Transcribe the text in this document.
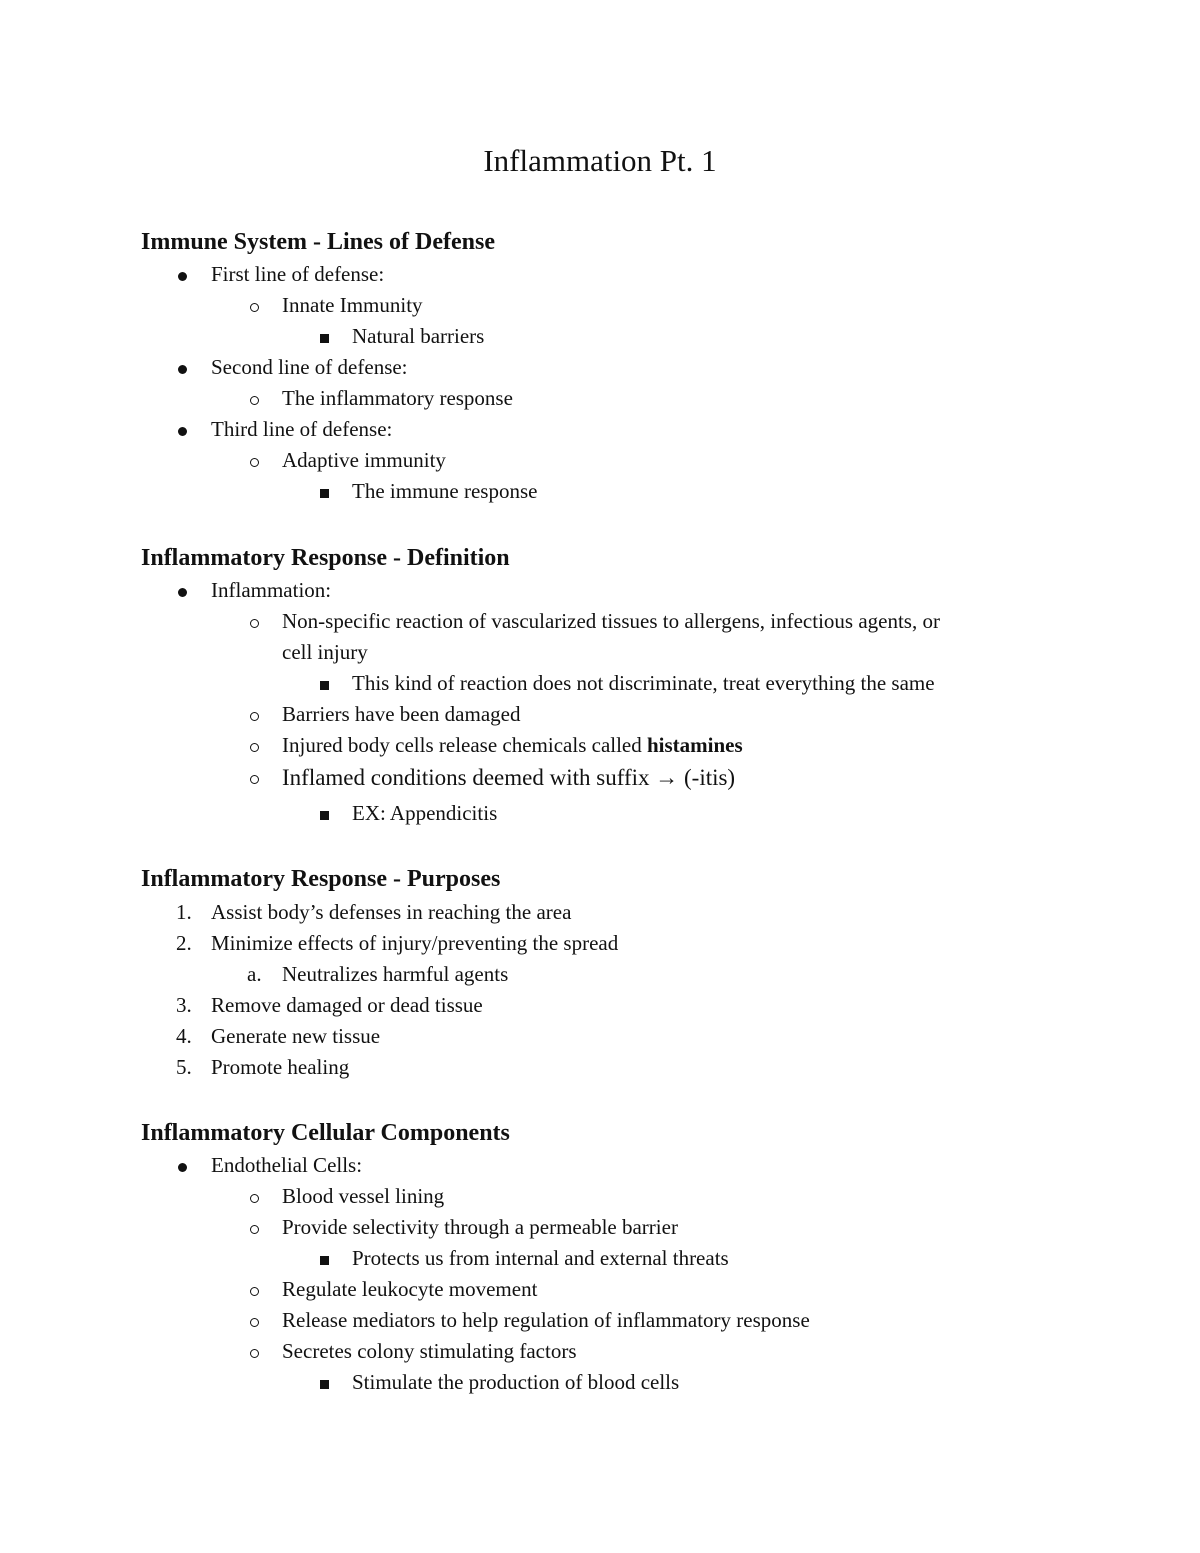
Inflammation Pt. 1
Immune System - Lines of Defense
First line of defense:
Innate Immunity
Natural barriers
Second line of defense:
The inflammatory response
Third line of defense:
Adaptive immunity
The immune response
Inflammatory Response - Definition
Inflammation:
Non-specific reaction of vascularized tissues to allergens, infectious agents, or
cell injury
This kind of reaction does not discriminate, treat everything the same
Barriers have been damaged
Injured body cells release chemicals called histamines
Inflamed conditions deemed with suffix → (-itis)
EX: Appendicitis
Inflammatory Response - Purposes
1. Assist body’s defenses in reaching the area
2. Minimize effects of injury/preventing the spread
a. Neutralizes harmful agents
3. Remove damaged or dead tissue
4. Generate new tissue
5. Promote healing
Inflammatory Cellular Components
Endothelial Cells:
Blood vessel lining
Provide selectivity through a permeable barrier
Protects us from internal and external threats
Regulate leukocyte movement
Release mediators to help regulation of inflammatory response
Secretes colony stimulating factors
Stimulate the production of blood cells
